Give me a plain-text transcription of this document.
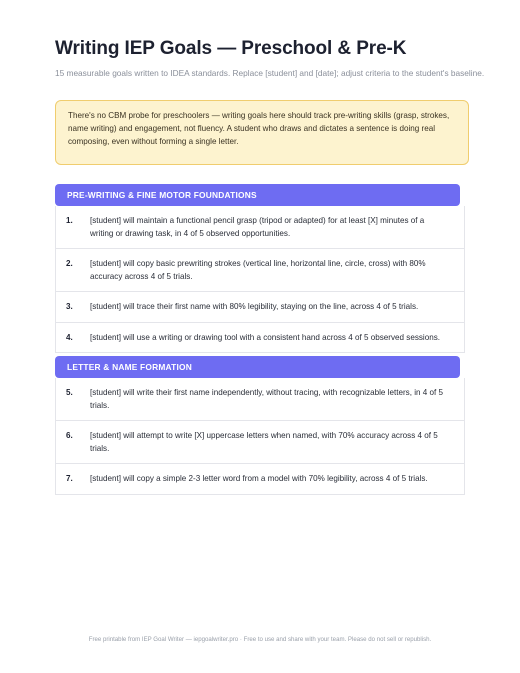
Writing IEP Goals — Preschool & Pre-K
15 measurable goals written to IDEA standards. Replace [student] and [date]; adjust criteria to the student's baseline.
There's no CBM probe for preschoolers — writing goals here should track pre-writing skills (grasp, strokes, name writing) and engagement, not fluency. A student who draws and dictates a sentence is doing real composing, even without forming a single letter.
PRE-WRITING & FINE MOTOR FOUNDATIONS
1. [student] will maintain a functional pencil grasp (tripod or adapted) for at least [X] minutes of a writing or drawing task, in 4 of 5 observed opportunities.
2. [student] will copy basic prewriting strokes (vertical line, horizontal line, circle, cross) with 80% accuracy across 4 of 5 trials.
3. [student] will trace their first name with 80% legibility, staying on the line, across 4 of 5 trials.
4. [student] will use a writing or drawing tool with a consistent hand across 4 of 5 observed sessions.
LETTER & NAME FORMATION
5. [student] will write their first name independently, without tracing, with recognizable letters, in 4 of 5 trials.
6. [student] will attempt to write [X] uppercase letters when named, with 70% accuracy across 4 of 5 trials.
7. [student] will copy a simple 2-3 letter word from a model with 70% legibility, across 4 of 5 trials.
Free printable from IEP Goal Writer — iepgoalwriter.pro · Free to use and share with your team. Please do not sell or republish.
